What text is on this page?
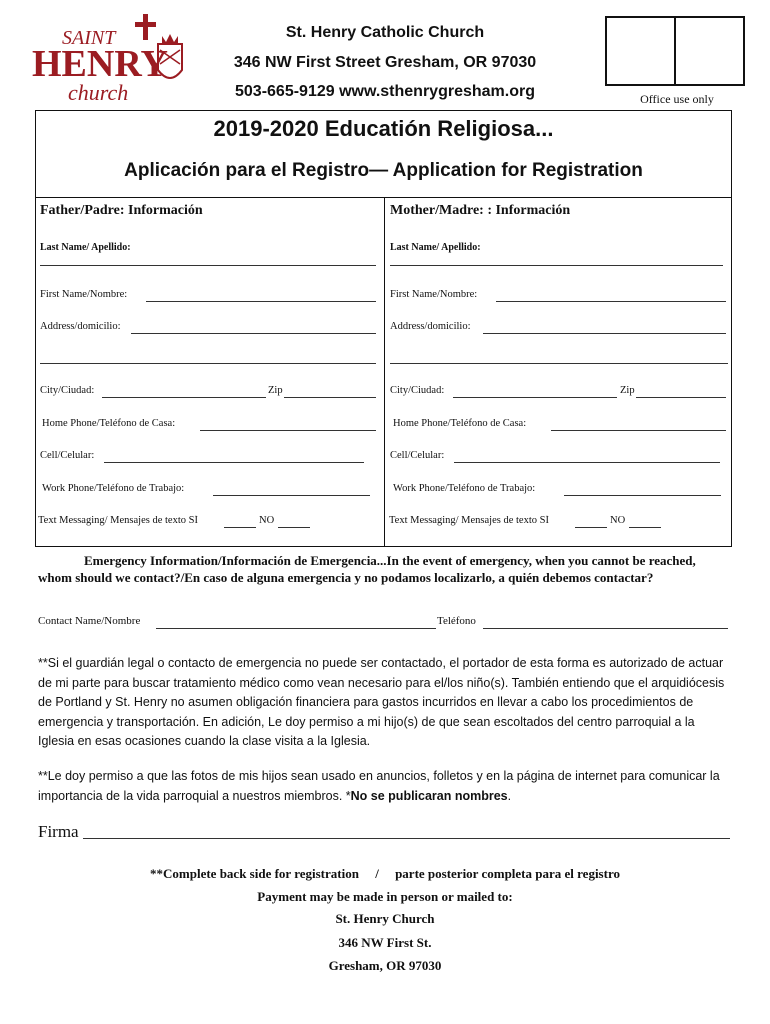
SAINT
HENRY
church
St. Henry Catholic Church
346 NW First Street Gresham, OR 97030
503-665-9129 www.sthenrygresham.org	Office use only
2019-2020 Educatión Religiosa...
Aplicación para el Registro— Application for Registration
Father/Padre: Información
Last Name/ Apellido:
First Name/Nombre:
Address/domicilio:
City/Ciudad:	Zip
Home Phone/Teléfono de Casa:
Cell/Celular:
Work Phone/Teléfono de Trabajo:
Text Messaging/ Mensajes de texto SÍ	NO
Mother/Madre: : Información
Last Name/ Apellido:
First Name/Nombre:
Address/domicilio:
City/Ciudad:	Zip
Home Phone/Teléfono de Casa:
Cell/Celular:
Work Phone/Teléfono de Trabajo:
Text Messaging/ Mensajes de texto SÍ	NO
Emergency Information/Información de Emergencia...In the event of emergency, when you cannot be reached, whom should we contact?/En caso de alguna emergencia y no podamos localizarlo, a quién debemos contactar?
Contact Name/Nombre	Teléfono
**Si el guardián legal o contacto de emergencia no puede ser contactado, el portador de esta forma es autorizado de actuar de mi parte para buscar tratamiento médico como vean necesario para el/los niño(s). También entiendo que el arquidiócesis de Portland y St. Henry no asumen obligación financiera para gastos incurridos en llevar a cabo los procedimientos de emergencia y transportación. En adición, Le doy permiso a mi hijo(s) de que sean escoltados del centro parroquial a la Iglesia en esas ocasiones cuando la clase visita a la Iglesia.
**Le doy permiso a que las fotos de mis hijos sean usado en anuncios, folletos y en la página de internet para comunicar la importancia de la vida parroquial a nuestros miembros. *No se publicaran nombres.
Firma
**Complete back side for registration     /     parte posterior completa para el registro
Payment may be made in person or mailed to:
St. Henry Church
346 NW First St.
Gresham, OR 97030
